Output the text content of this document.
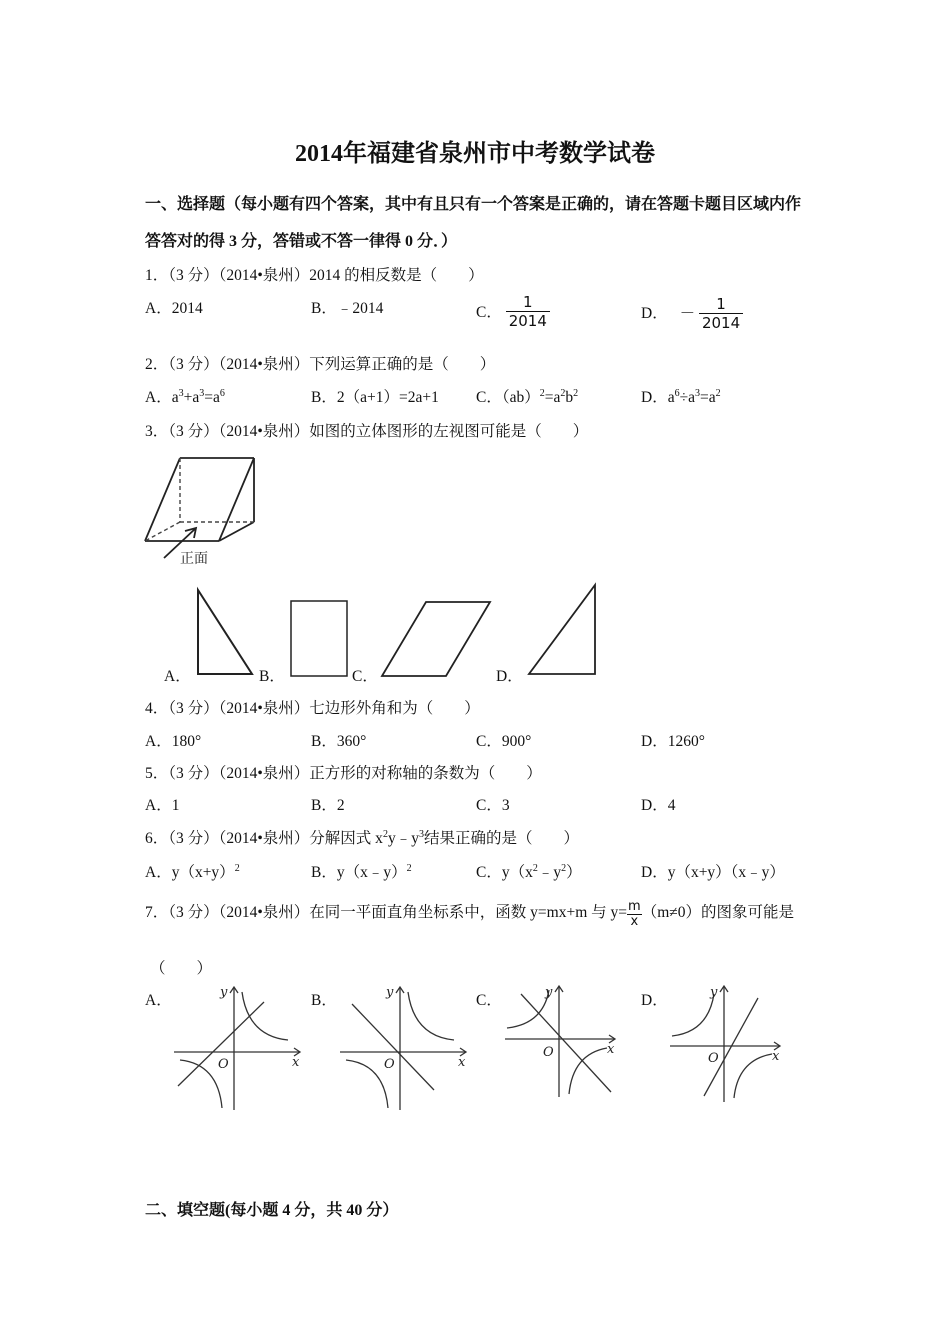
2014年福建省泉州市中考数学试卷
一、选择题（每小题有四个答案，其中有且只有一个答案是正确的，请在答题卡题目区域内作
答答对的得 3 分，答错或不答一律得 0 分．）
1．（3 分）（2014•泉州）2014 的相反数是（　　）
A．2014	B．﹣2014	C． $\frac{1}{2014}$	D． － $\frac{1}{2014}$
2．（3 分）（2014•泉州）下列运算正确的是（　　）
A．$a^3+a^3=a^6$	B．2（a+1）=2a+1 C．$(ab)^2=a^2b^2$	D．$a^6\div a^3=a^2$
3．（3 分）（2014•泉州）如图的立体图形的左视图可能是（　　）
正面
A．	B．	C．	D．
4．（3 分）（2014•泉州）七边形外角和为（　　）
A．180°	B．360°	C．900°	D．1260°
5．（3 分）（2014•泉州）正方形的对称轴的条数为（　　）
A．1	B．2	C．3	D．4
6．（3 分）（2014•泉州）分解因式 $x^2y﹣y^3$结果正确的是（　　）
A．$y(x+y)^2$	B．y（x﹣y）$^2$	C．$y(x^2﹣y^2)$	D．y（x+y）（x﹣y）
7．（3 分）（2014•泉州）在同一平面直角坐标系中，函数 y=mx+m 与 $y= \frac{m}{x} (m\ne 0)$的图象可能是
（　　）
A．	B．	C．	D．
y
x
O
y
x
O
y
x
O
y
x
O
二、填空题(每小题 4 分，共 40 分）
